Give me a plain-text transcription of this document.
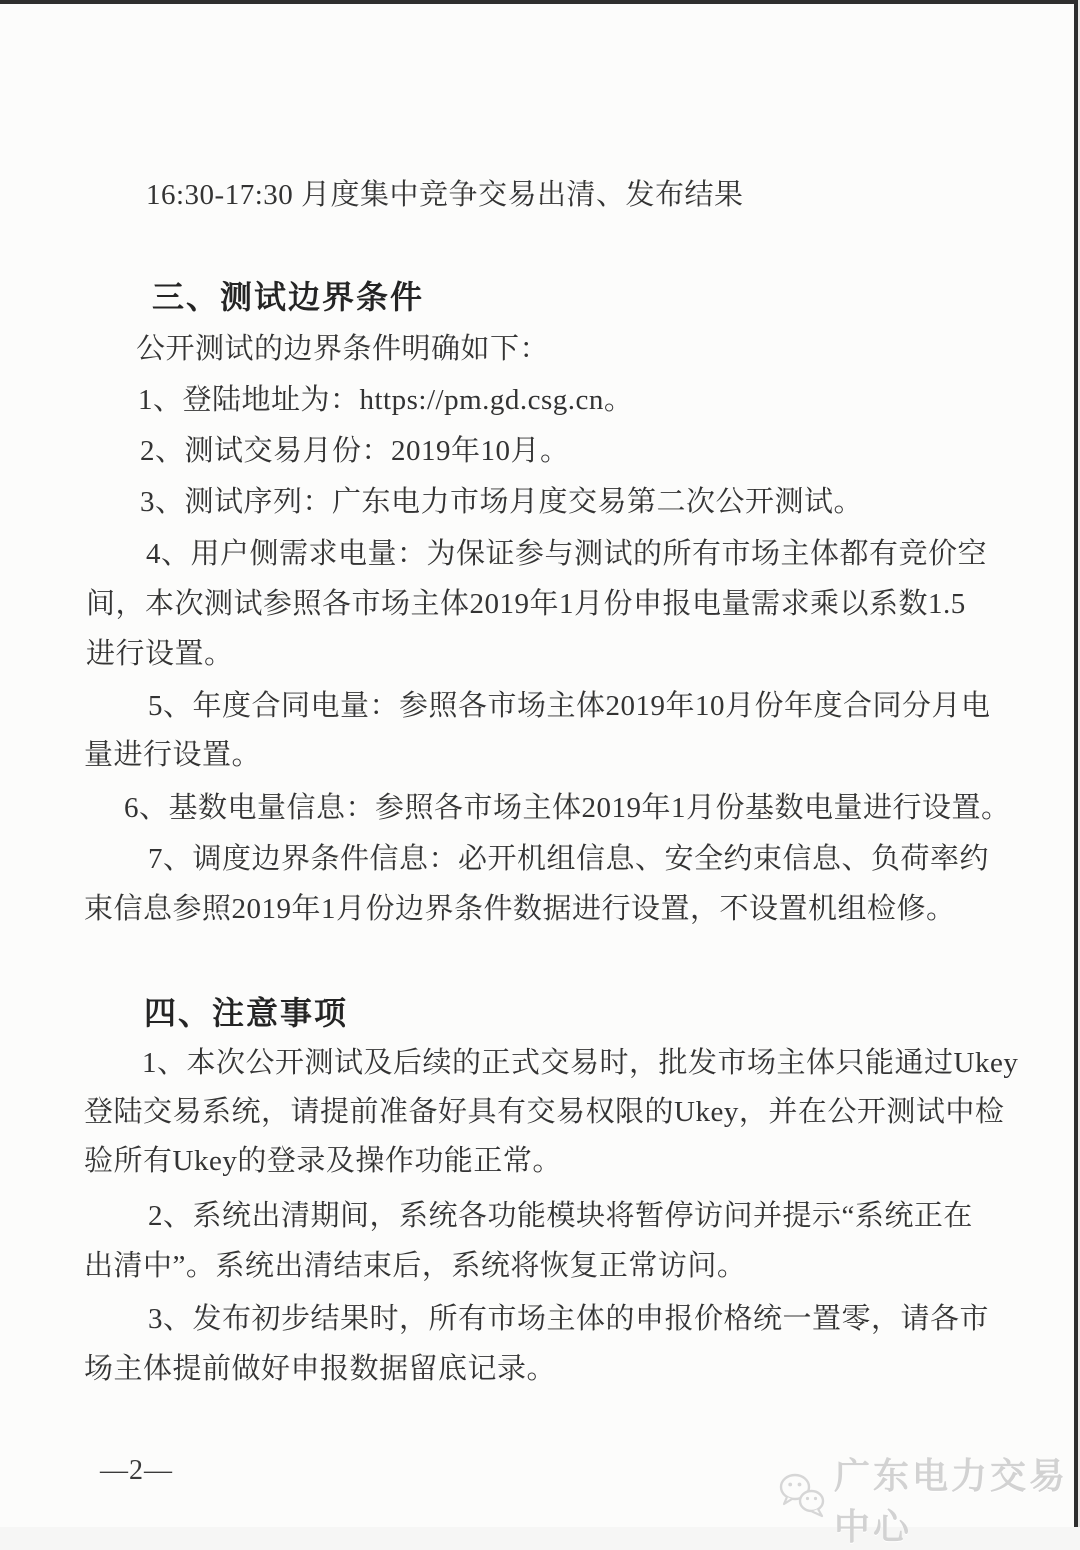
16:30-17:30 月度集中竞争交易出清、发布结果
三、测试边界条件
公开测试的边界条件明确如下：
1、登陆地址为：https://pm.gd.csg.cn。
2、测试交易月份：2019年10月。
3、测试序列：广东电力市场月度交易第二次公开测试。
4、用户侧需求电量：为保证参与测试的所有市场主体都有竞价空
间，本次测试参照各市场主体2019年1月份申报电量需求乘以系数1.5
进行设置。
5、年度合同电量：参照各市场主体2019年10月份年度合同分月电
量进行设置。
6、基数电量信息：参照各市场主体2019年1月份基数电量进行设置。
7、调度边界条件信息：必开机组信息、安全约束信息、负荷率约
束信息参照2019年1月份边界条件数据进行设置，不设置机组检修。
四、注意事项
1、本次公开测试及后续的正式交易时，批发市场主体只能通过Ukey
登陆交易系统，请提前准备好具有交易权限的Ukey，并在公开测试中检
验所有Ukey的登录及操作功能正常。
2、系统出清期间，系统各功能模块将暂停访问并提示“系统正在
出清中”。系统出清结束后，系统将恢复正常访问。
3、发布初步结果时，所有市场主体的申报价格统一置零，请各市
场主体提前做好申报数据留底记录。
—2—	广东电力交易中心
